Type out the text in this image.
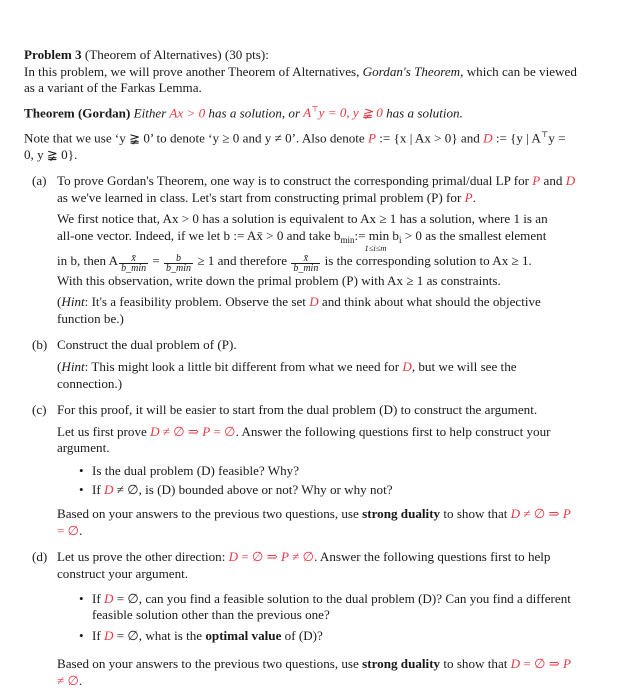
Problem 3 (Theorem of Alternatives) (30 pts):

In this problem, we will prove another Theorem of Alternatives, Gordan's Theorem, which can be viewed

as a variant of the Farkas Lemma.

Theorem (Gordan) Either Ax > 0 has a solution, or A⊤y = 0, y ≩ 0 has a solution.

Note that we use ‘y ≩ 0’ to denote ‘y ≥ 0 and y ≠ 0’. Also denote P := {x | Ax > 0} and D := {y | A⊤y =

0, y ≩ 0}.

(a) To prove Gordan's Theorem, one way is to construct the corresponding primal/dual LP for P and D

as we've learned in class. Let's start from constructing primal problem (P) for P.

We first notice that, Ax > 0 has a solution is equivalent to Ax ≥ 1 has a solution, where 1 is an

all-one vector. Indeed, if we let b := Ax̄ > 0 and take $b_{min}:= \min$
1≤i≤m
$b_i > 0$ as the smallest element

in b, then A $\frac{x̄}{b\_\min} = \frac{b}{b\_\min} \ge 1$ and therefore $\frac{x̄}{b\_\min}$ is the corresponding solution to Ax ≥ 1.

With this observation, write down the primal problem (P) with Ax ≥ 1 as constraints.

(Hint: It's a feasibility problem. Observe the set D and think about what should the objective

function be.)

(b) Construct the dual problem of (P).

(Hint: This might look a little bit different from what we need for D, but we will see the connection.)

(c) For this proof, it will be easier to start from the dual problem (D) to construct the argument.

Let us first prove D ≠ ∅ ⇒ P = ∅. Answer the following questions first to help construct your

argument.

• Is the dual problem (D) feasible? Why?
• If D ≠ ∅, is (D) bounded above or not? Why or why not?

Based on your answers to the previous two questions, use strong duality to show that D ≠ ∅ ⇒ P = ∅.

(d) Let us prove the other direction: D = ∅ ⇒ P ≠ ∅. Answer the following questions first to help

construct your argument.

• If D = ∅, can you find a feasible solution to the dual problem (D)? Can you find a different
feasible solution other than the previous one?
• If D = ∅, what is the optimal value of (D)?

Based on your answers to the previous two questions, use strong duality to show that D = ∅ ⇒ P ≠ ∅.
